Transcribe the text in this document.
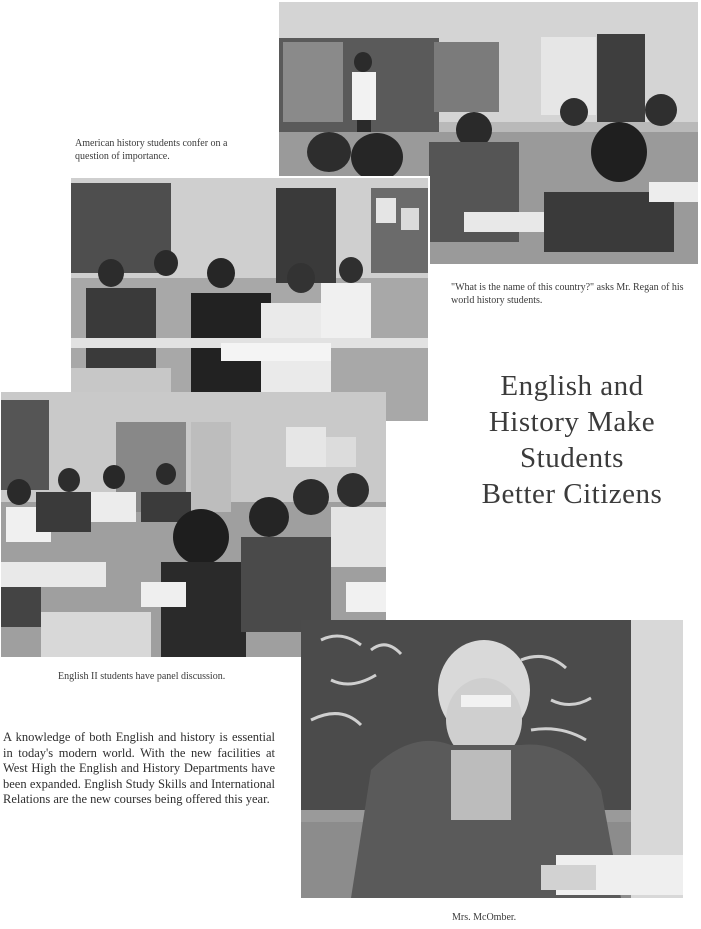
American history students confer on a question of importance.
"What is the name of this country?" asks Mr. Regan of his world history students.
English II students have panel discussion.
Mrs. McOmber.
English and
History Make
Students
Better Citizens
A knowledge of both English and history is essential in today's modern world. With the new facilities at West High the English and History Departments have been expanded. English Study Skills and International Relations are the new courses being offered this year.
